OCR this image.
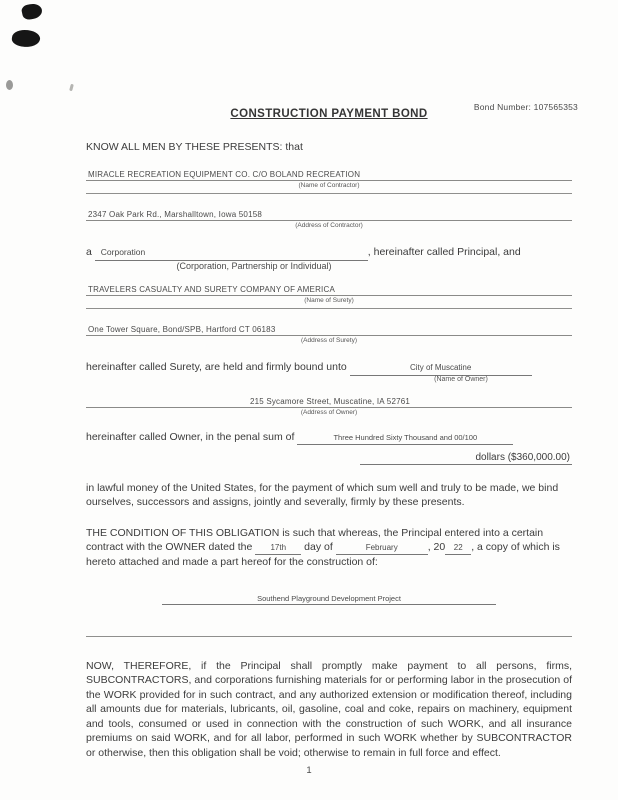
CONSTRUCTION PAYMENT BOND
Bond Number: 107565353

KNOW ALL MEN BY THESE PRESENTS: that

MIRACLE RECREATION EQUIPMENT CO. C/O BOLAND RECREATION
(Name of Contractor)
2347 Oak Park Rd., Marshalltown, Iowa 50158
(Address of Contractor)
a Corporation	, hereinafter called Principal, and
(Corporation, Partnership or Individual)
TRAVELERS CASUALTY AND SURETY COMPANY OF AMERICA
(Name of Surety)
One Tower Square, Bond/SPB, Hartford CT 06183
(Address of Surety)
hereinafter called Surety, are held and firmly bound unto	City of Muscatine
(Name of Owner)
215 Sycamore Street, Muscatine, IA 52761
(Address of Owner)
hereinafter called Owner, in the penal sum of	Three Hundred Sixty Thousand and 00/100
dollars ($360,000.00)

in lawful money of the United States, for the payment of which sum well and truly to be made, we bind ourselves, successors and assigns, jointly and severally, firmly by these presents.

THE CONDITION OF THIS OBLIGATION is such that whereas, the Principal entered into a certain contract with the OWNER dated the 17th day of	February	, 20 22 , a copy of which is hereto attached and made a part hereof for the construction of:

Southend Playground Development Project

NOW, THEREFORE, if the Principal shall promptly make payment to all persons, firms, SUBCONTRACTORS, and corporations furnishing materials for or performing labor in the prosecution of the WORK provided for in such contract, and any authorized extension or modification thereof, including all amounts due for materials, lubricants, oil, gasoline, coal and coke, repairs on machinery, equipment and tools, consumed or used in connection with the construction of such WORK, and all insurance premiums on said WORK, and for all labor, performed in such WORK whether by SUBCONTRACTOR or otherwise, then this obligation shall be void; otherwise to remain in full force and effect.

1
